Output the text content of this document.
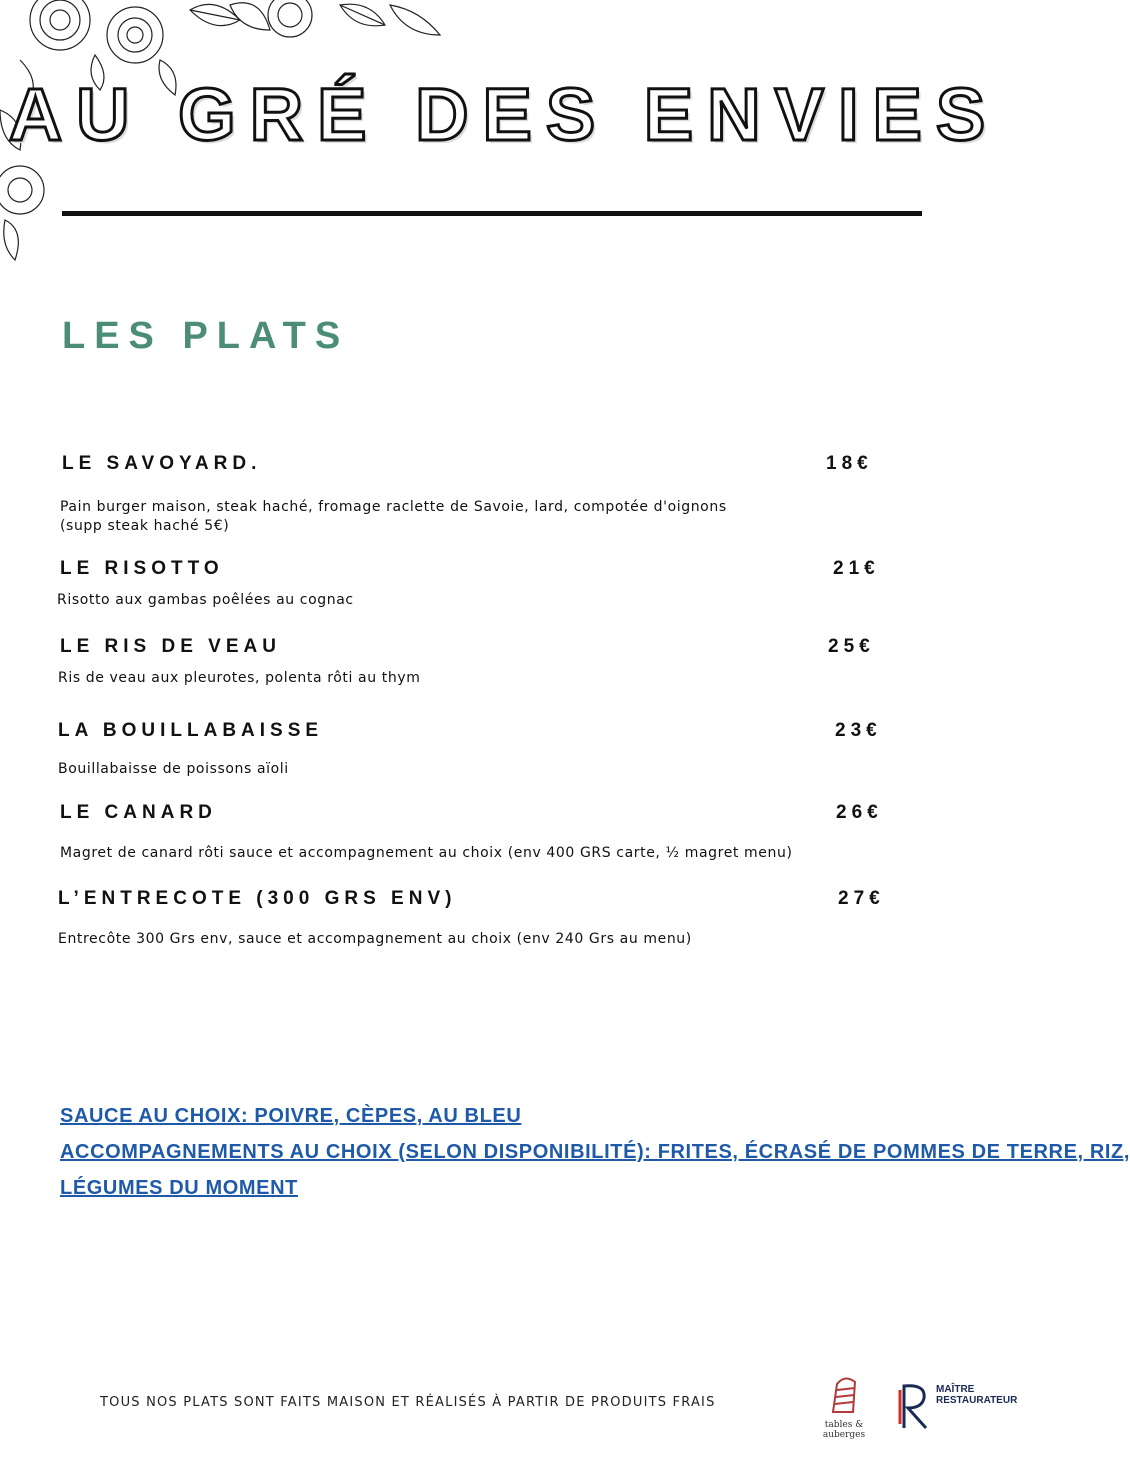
AU GRÉ DES ENVIES
LES PLATS
LE SAVOYARD.	18€
Pain burger maison, steak haché, fromage raclette de Savoie, lard, compotée d'oignons
(supp steak haché 5€)
LE RISOTTO	21€
Risotto aux gambas poêlées au cognac
LE RIS DE VEAU	25€
Ris de veau aux pleurotes, polenta rôti au thym
LA BOUILLABAISSE	23€
Bouillabaisse de poissons aïoli
LE CANARD	26€
Magret de canard rôti sauce et accompagnement au choix (env 400 GRS carte, ½ magret menu)
L’ENTRECOTE (300 GRS ENV)	27€
Entrecôte 300 Grs env, sauce et accompagnement au choix (env 240 Grs au menu)
SAUCE AU CHOIX: POIVRE, CÈPES, AU BLEU
ACCOMPAGNEMENTS AU CHOIX (SELON DISPONIBILITÉ): FRITES, ÉCRASÉ DE POMMES DE TERRE, RIZ,
LÉGUMES DU MOMENT
TOUS NOS PLATS SONT FAITS MAISON ET RÉALISÉS À PARTIR DE PRODUITS FRAIS
tables & auberges
MAÎTRE
RESTAURATEUR
